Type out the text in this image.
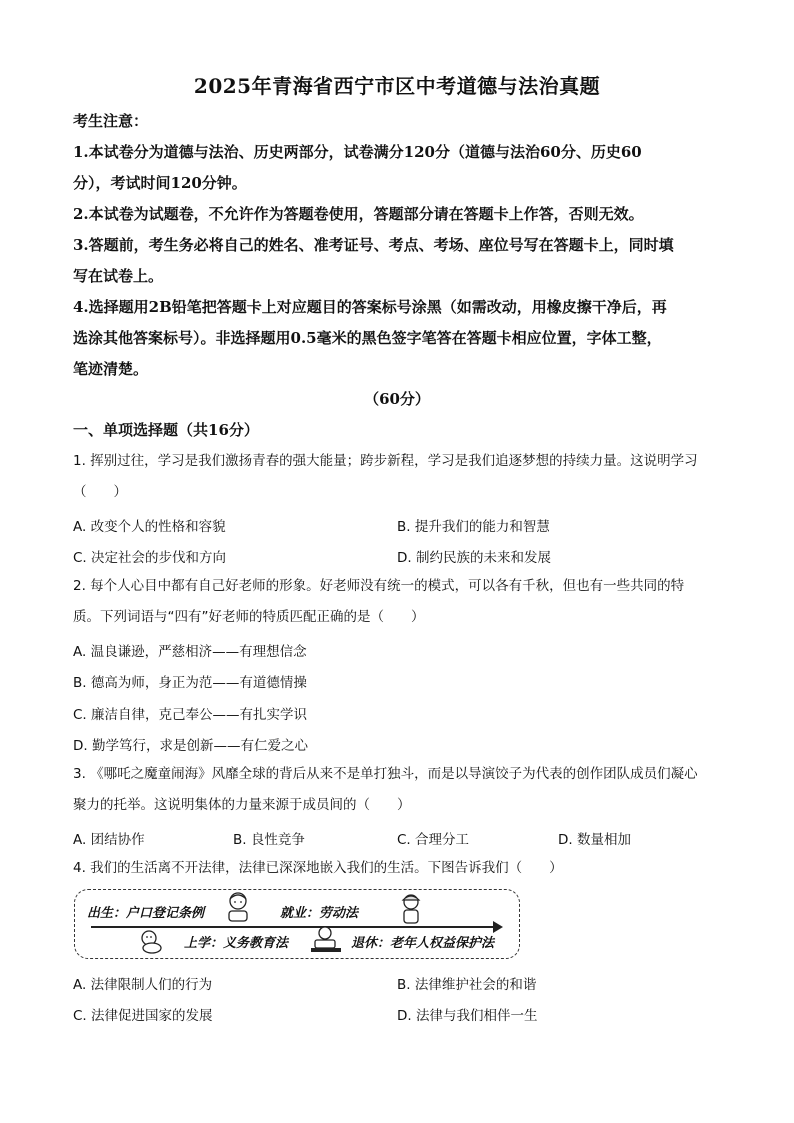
2025年青海省西宁市区中考道德与法治真题

考生注意：

1.本试卷分为道德与法治、历史两部分，试卷满分120分（道德与法治60分、历史60

分），考试时间120分钟。

2.本试卷为试题卷，不允许作为答题卷使用，答题部分请在答题卡上作答，否则无效。

3.答题前，考生务必将自己的姓名、准考证号、考点、考场、座位号写在答题卡上，同时填

写在试卷上。

4.选择题用2B铅笔把答题卡上对应题目的答案标号涂黑（如需改动，用橡皮擦干净后，再

选涂其他答案标号）。非选择题用0.5毫米的黑色签字笔答在答题卡相应位置，字体工整，

笔迹清楚。

（60分）
一、单项选择题（共16分）

1. 挥别过往，学习是我们激扬青春的强大能量；跨步新程，学习是我们追逐梦想的持续力量。这说明学习

（　　）

A. 改变个人的性格和容貌	B. 提升我们的能力和智慧
C. 决定社会的步伐和方向	D. 制约民族的未来和发展

2. 每个人心目中都有自己好老师的形象。好老师没有统一的模式，可以各有千秋，但也有一些共同的特

质。下列词语与“四有”好老师的特质匹配正确的是（　　）

A. 温良谦逊，严慈相济——有理想信念
B. 德高为师，身正为范——有道德情操
C. 廉洁自律，克己奉公——有扎实学识
D. 勤学笃行，求是创新——有仁爱之心

3. 《哪吒之魔童闹海》风靡全球的背后从来不是单打独斗，而是以导演饺子为代表的创作团队成员们凝心

聚力的托举。这说明集体的力量来源于成员间的（　　）

A. 团结协作	B. 良性竞争	C. 合理分工	D. 数量相加

4. 我们的生活离不开法律，法律已深深地嵌入我们的生活。下图告诉我们（　　）

出生：户口登记条例	就业：劳动法
上学：义务教育法	退休：老年人权益保护法
A. 法律限制人们的行为	B. 法律维护社会的和谐
C. 法律促进国家的发展	D. 法律与我们相伴一生
